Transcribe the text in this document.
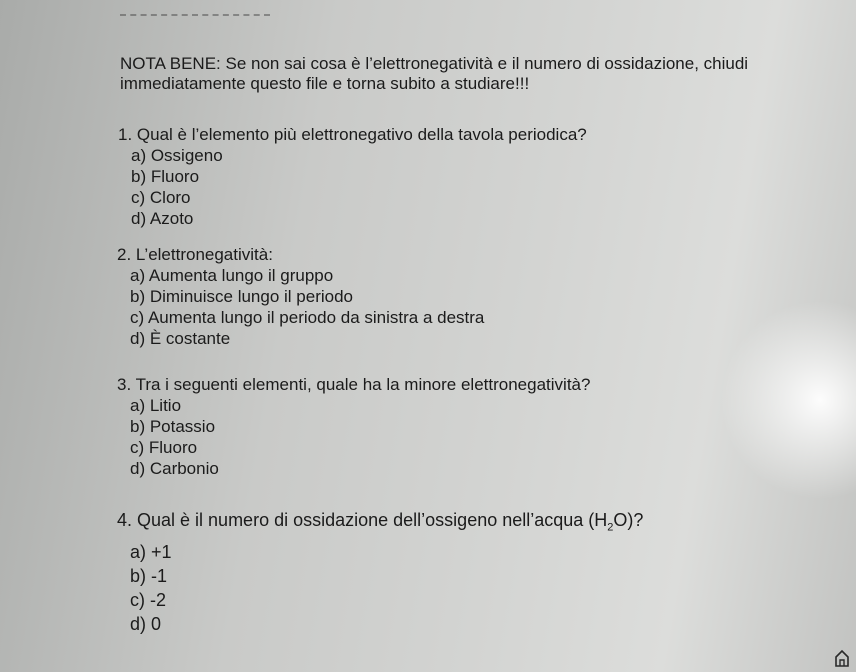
NOTA BENE: Se non sai cosa è l’elettronegatività e il numero di ossidazione, chiudi immediatamente questo file e torna subito a studiare!!!
1. Qual è l’elemento più elettronegativo della tavola periodica?
a) Ossigeno
b) Fluoro
c) Cloro
d) Azoto
2. L’elettronegatività:
a) Aumenta lungo il gruppo
b) Diminuisce lungo il periodo
c) Aumenta lungo il periodo da sinistra a destra
d) È costante
3. Tra i seguenti elementi, quale ha la minore elettronegatività?
a) Litio
b) Potassio
c) Fluoro
d) Carbonio
4. Qual è il numero di ossidazione dell’ossigeno nell’acqua $(H_2O)$?
a) +1
b) -1
c) -2
d) 0
